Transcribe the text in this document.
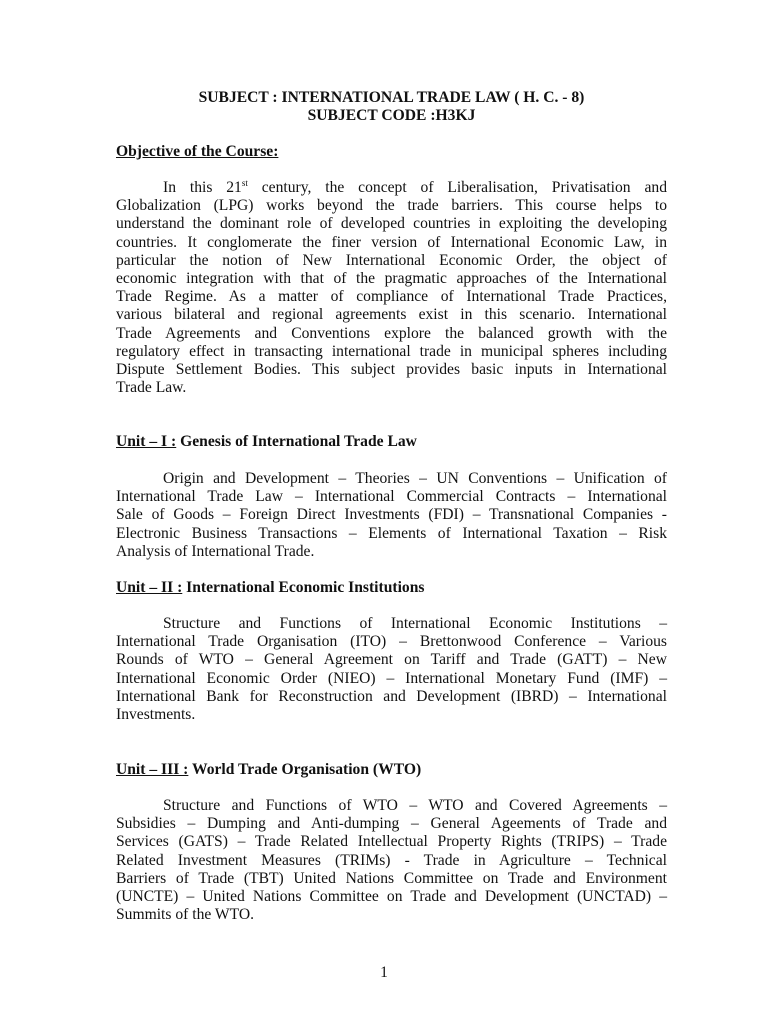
SUBJECT : INTERNATIONAL TRADE LAW ( H. C. - 8)
SUBJECT CODE :H3KJ
Objective of the Course:
In this 21st century, the concept of Liberalisation, Privatisation and
Globalization (LPG) works beyond the trade barriers. This course helps to
understand the dominant role of developed countries in exploiting the developing
countries. It conglomerate the finer version of International Economic Law, in
particular the notion of New International Economic Order, the object of
economic integration with that of the pragmatic approaches of the International
Trade Regime. As a matter of compliance of International Trade Practices,
various bilateral and regional agreements exist in this scenario. International
Trade Agreements and Conventions explore the balanced growth with the
regulatory effect in transacting international trade in municipal spheres including
Dispute Settlement Bodies. This subject provides basic inputs in International
Trade Law.
Unit – I : Genesis of International Trade Law
Origin and Development – Theories – UN Conventions – Unification of
International Trade Law – International Commercial Contracts – International
Sale of Goods – Foreign Direct Investments (FDI) – Transnational Companies -
Electronic Business Transactions – Elements of International Taxation – Risk
Analysis of International Trade.
Unit – II : International Economic Institutions
Structure and Functions of International Economic Institutions –
International Trade Organisation (ITO) – Brettonwood Conference – Various
Rounds of WTO – General Agreement on Tariff and Trade (GATT) – New
International Economic Order (NIEO) – International Monetary Fund (IMF) –
International Bank for Reconstruction and Development (IBRD) – International
Investments.
Unit – III : World Trade Organisation (WTO)
Structure and Functions of WTO – WTO and Covered Agreements –
Subsidies – Dumping and Anti-dumping – General Ageements of Trade and
Services (GATS) – Trade Related Intellectual Property Rights (TRIPS) – Trade
Related Investment Measures (TRIMs) - Trade in Agriculture – Technical
Barriers of Trade (TBT) United Nations Committee on Trade and Environment
(UNCTE) – United Nations Committee on Trade and Development (UNCTAD) –
Summits of the WTO.
1
